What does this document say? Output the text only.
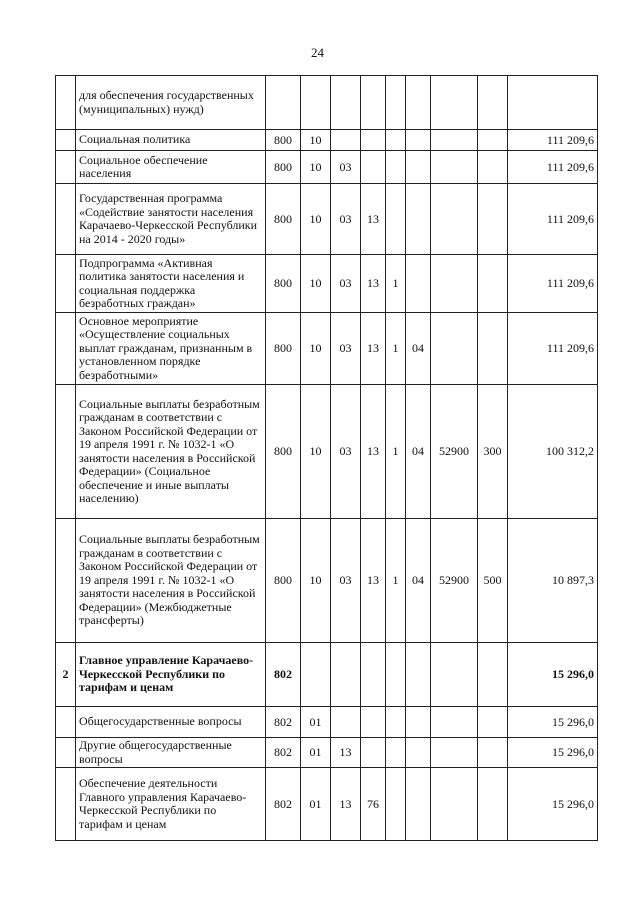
24
	для обеспечения государственных (муниципальных) нужд)									
	Социальная политика	800	10							111 209,6
	Социальное обеспечение населения	800	10	03						111 209,6
	Государственная программа «Содействие занятости населения Карачаево-Черкесской Республики на 2014 - 2020 годы»	800	10	03	13					111 209,6
	Подпрограмма «Активная политика занятости населения и социальная поддержка безработных граждан»	800	10	03	13	1				111 209,6
	Основное мероприятие «Осуществление социальных выплат гражданам, признанным в установленном порядке безработными»	800	10	03	13	1	04			111 209,6
	Социальные выплаты безработным гражданам в соответствии с Законом Российской Федерации от 19 апреля 1991 г. № 1032-1 «О занятости населения в Российской Федерации» (Социальное обеспечение и иные выплаты населению)	800	10	03	13	1	04	52900	300	100 312,2
	Социальные выплаты безработным гражданам в соответствии с Законом Российской Федерации от 19 апреля 1991 г. № 1032-1 «О занятости населения в Российской Федерации» (Межбюджетные трансферты)	800	10	03	13	1	04	52900	500	10 897,3
2	Главное управление Карачаево-Черкесской Республики по тарифам и ценам	802								15 296,0
	Общегосударственные вопросы	802	01							15 296,0
	Другие общегосударственные вопросы	802	01	13						15 296,0
	Обеспечение деятельности Главного управления Карачаево-Черкесской Республики по тарифам и ценам	802	01	13	76					15 296,0
